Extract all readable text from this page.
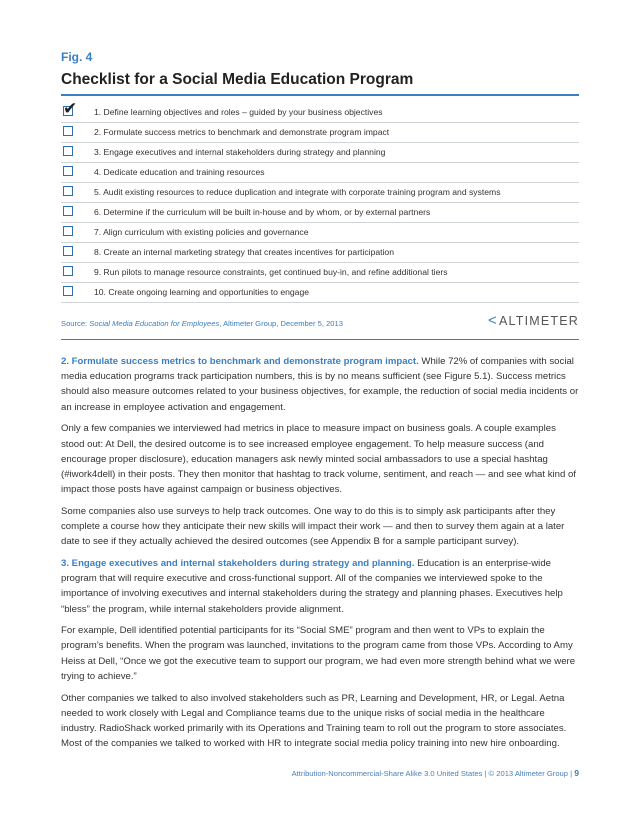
Fig. 4
Checklist for a Social Media Education Program
✔ 1. Define learning objectives and roles – guided by your business objectives
2. Formulate success metrics to benchmark and demonstrate program impact
3. Engage executives and internal stakeholders during strategy and planning
4. Dedicate education and training resources
5. Audit existing resources to reduce duplication and integrate with corporate training program and systems
6. Determine if the curriculum will be built in-house and by whom, or by external partners
7. Align curriculum with existing policies and governance
8. Create an internal marketing strategy that creates incentives for participation
9. Run pilots to manage resource constraints, get continued buy-in, and refine additional tiers
10. Create ongoing learning and opportunities to engage
Source: Social Media Education for Employees, Altimeter Group, December 5, 2013	< ALTIMETER

2. Formulate success metrics to benchmark and demonstrate program impact. While 72% of companies with social media education programs track participation numbers, this is by no means sufficient (see Figure 5.1). Success metrics should also measure outcomes related to your business objectives, for example, the reduction of social media incidents or an increase in employee activation and engagement.

Only a few companies we interviewed had metrics in place to measure impact on business goals. A couple examples stood out: At Dell, the desired outcome is to see increased employee engagement. To help measure success (and encourage proper disclosure), education managers ask newly minted social ambassadors to use a special hashtag (#iwork4dell) in their posts. They then monitor that hashtag to track volume, sentiment, and reach — and see what kind of impact those posts have against campaign or business objectives.

Some companies also use surveys to help track outcomes. One way to do this is to simply ask participants after they complete a course how they anticipate their new skills will impact their work — and then to survey them again at a later date to see if they actually achieved the desired outcomes (see Appendix B for a sample participant survey).

3. Engage executives and internal stakeholders during strategy and planning. Education is an enterprise-wide program that will require executive and cross-functional support. All of the companies we interviewed spoke to the importance of involving executives and internal stakeholders during the strategy and planning phases. Executives help “bless” the program, while internal stakeholders provide alignment.

For example, Dell identified potential participants for its “Social SME” program and then went to VPs to explain the program’s benefits. When the program was launched, invitations to the program came from those VPs. According to Amy Heiss at Dell, “Once we got the executive team to support our program, we had even more strength behind what we were trying to achieve.”

Other companies we talked to also involved stakeholders such as PR, Learning and Development, HR, or Legal. Aetna needed to work closely with Legal and Compliance teams due to the unique risks of social media in the healthcare industry. RadioShack worked primarily with its Operations and Training team to roll out the program to store associates. Most of the companies we talked to worked with HR to integrate social media policy training into new hire onboarding.

Attribution-Noncommercial-Share Alike 3.0 United States | © 2013 Altimeter Group | 9
